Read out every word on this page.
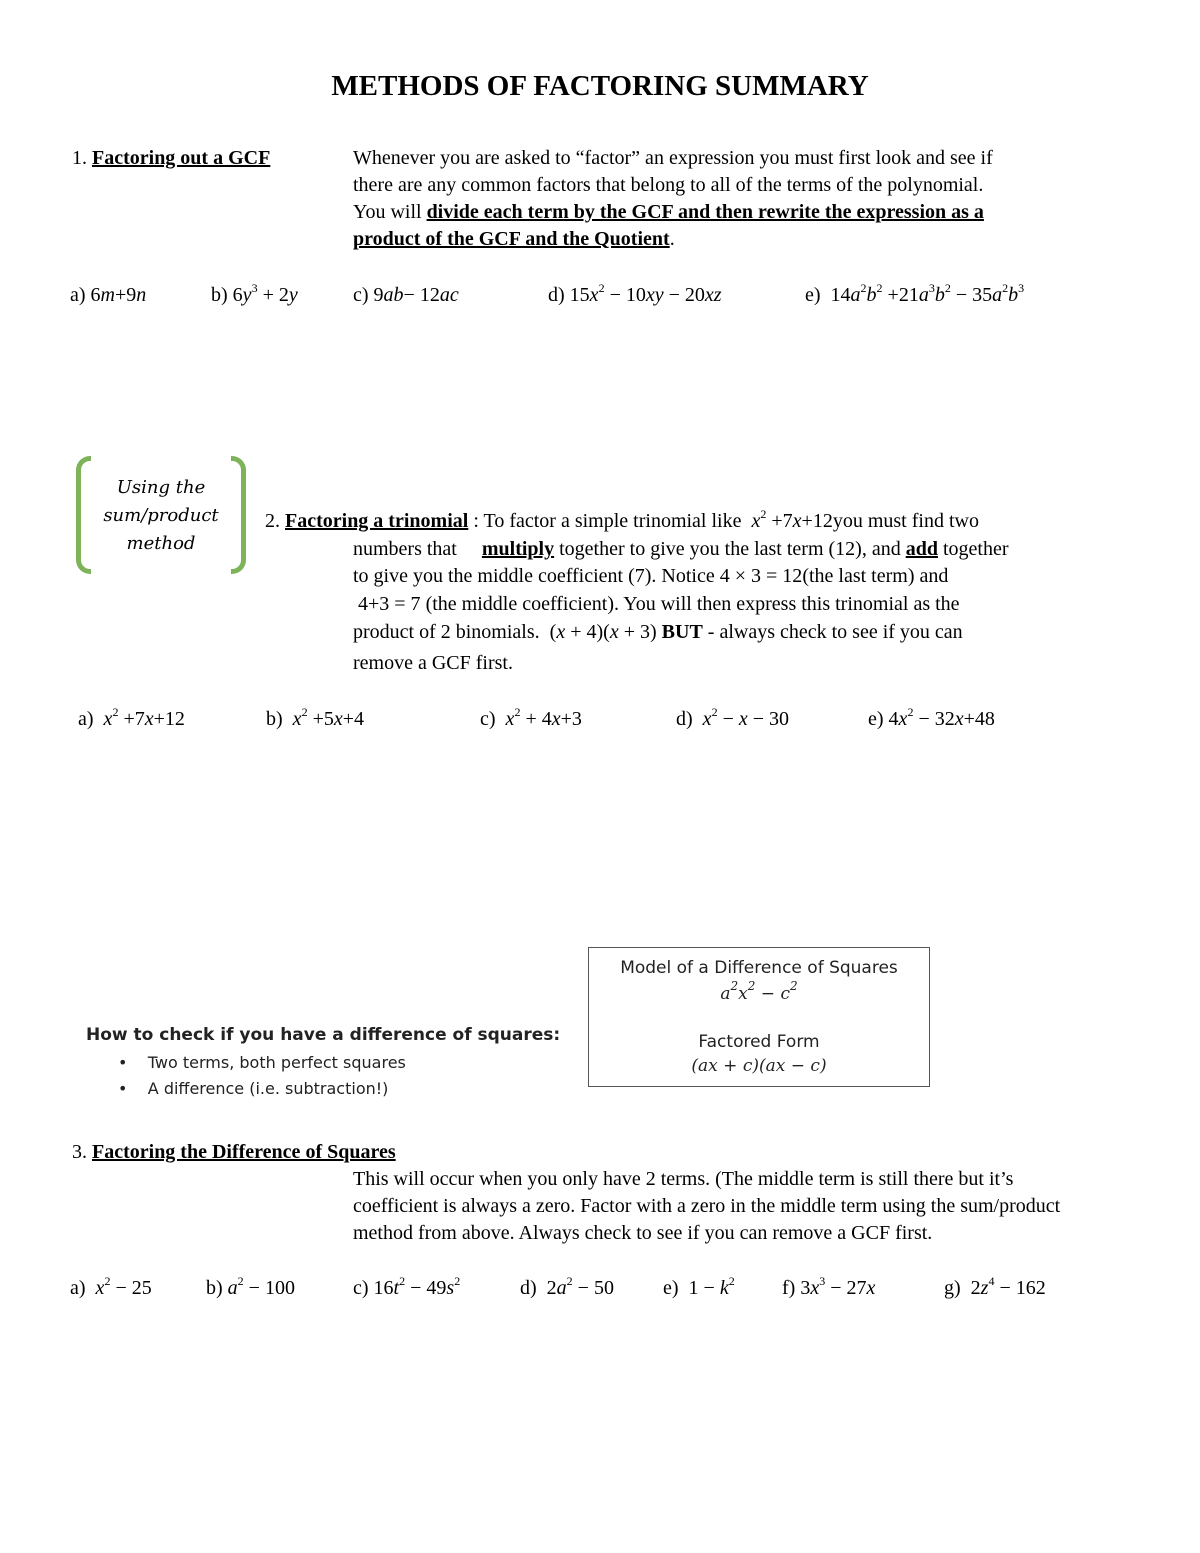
METHODS OF FACTORING SUMMARY
1. Factoring out a GCF	Whenever you are asked to “factor” an expression you must first look and see if
there are any common factors that belong to all of the terms of the polynomial.
You will divide each term by the GCF and then rewrite the expression as a
product of the GCF and the Quotient.
a) 6m+9n	b) $6y^3 + 2y$	c) 9ab− 12ac	d) $15x^2 - 10xy - 20xz$	e) $14a^2b^2 +21a^3b^2 - 35a^2b^3$
Using the
sum/product
method
2. Factoring a trinomial : To factor a simple trinomial like $x^2 +7x+12you$ must find two
numbers that multiply together to give you the last term (12), and add together
to give you the middle coefficient (7). Notice 4 × 3 = 12(the last term) and
4+3 = 7 (the middle coefficient). You will then express this trinomial as the
product of 2 binomials.  (x + 4)(x + 3) BUT - always check to see if you can
remove a GCF first.
a) $x^2 +7x+12$	b) $x^2 +5x+4$	c) $x^2 + 4x+3$	d) $x^2 - x - 30$	e) $4x^2 - 32x+48$
Model of a Difference of Squares
$a^2x^2 - c^2$
Factored Form
(ax + c)(ax − c)
How to check if you have a difference of squares:
•    Two terms, both perfect squares
•    A difference (i.e. subtraction!)
3. Factoring the Difference of Squares
This will occur when you only have 2 terms. (The middle term is still there but it’s
coefficient is always a zero. Factor with a zero in the middle term using the sum/product
method from above. Always check to see if you can remove a GCF first.
a) $x^2 - 25$	b) $a^2 - 100$	c) $16t^2 - 49s^2$	d) $2a^2 - 50$ e) $1 - k^2$ f) $3x^3 - 27x$	g) $2z^4 - 162$
